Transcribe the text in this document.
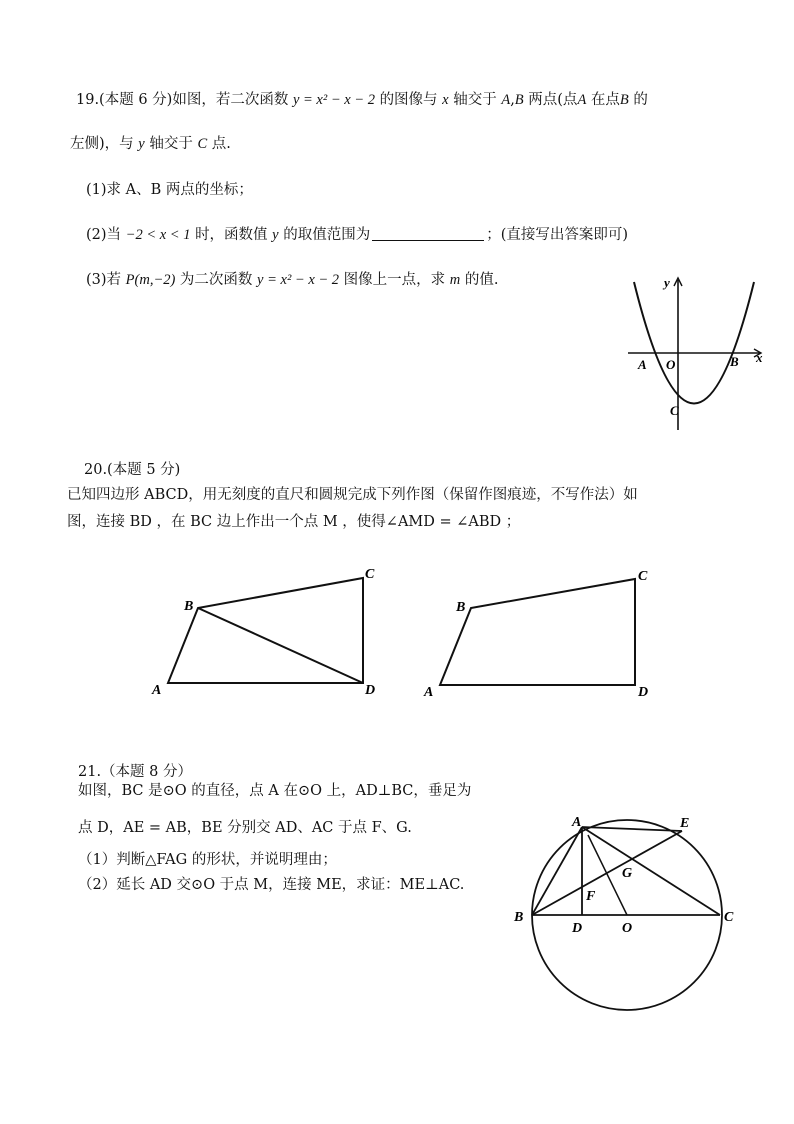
19.(本题 6 分)如图，若二次函数 y = x² − x − 2 的图像与 x 轴交于 A,B 两点(点A 在点B 的
左侧)，与 y 轴交于 C 点.
(1)求 A、B 两点的坐标；
(2)当 −2 < x < 1 时，函数值 y 的取值范围为	；(直接写出答案即可)
(3)若 P(m,−2) 为二次函数 y = x² − x − 2 图像上一点，求 m 的值.	y
x
A O	B
C
20.(本题 5 分)
已知四边形 ABCD，用无刻度的直尺和圆规完成下列作图（保留作图痕迹，不写作法）如
图，连接 BD ，在 BC 边上作出一个点 M ，使得∠AMD = ∠ABD ；
A
B
C
D	A
B
C
D
21.（本题 8 分）
如图，BC 是⊙O 的直径，点 A 在⊙O 上，AD⊥BC，垂足为
点 D，AE = AB，BE 分别交 AD、AC 于点 F、G.
（1）判断△FAG 的形状，并说明理由；
（2）延长 AD 交⊙O 于点 M，连接 ME，求证：ME⊥AC.
A	E
G
F
B
D	O
C
